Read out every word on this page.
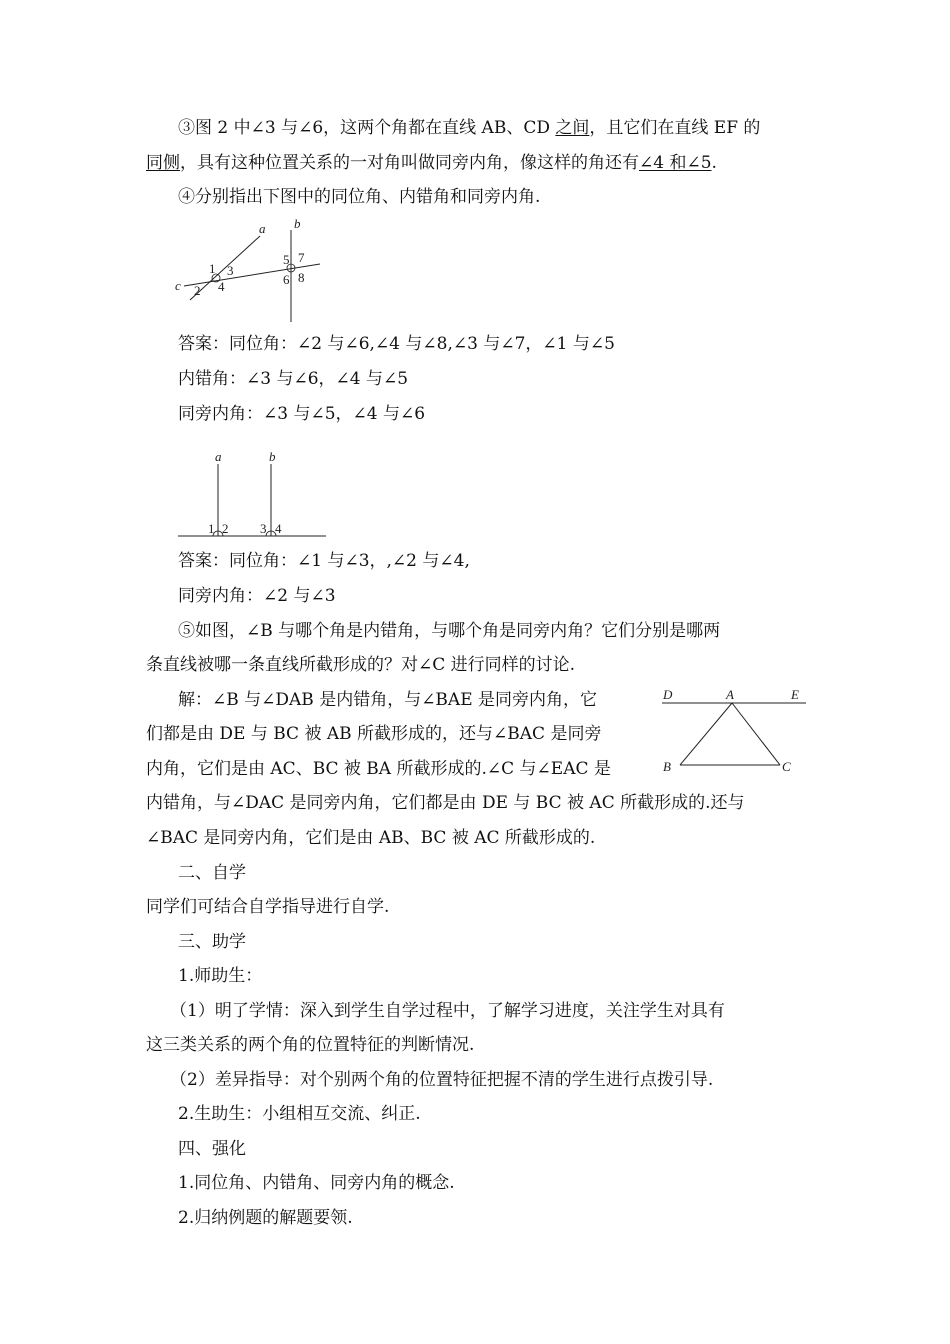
③图 2 中∠3 与∠6，这两个角都在直线 AB、CD 之间，且它们在直线 EF 的
同侧，具有这种位置关系的一对角叫做同旁内角，像这样的角还有∠4 和∠5.
④分别指出下图中的同位角、内错角和同旁内角.
a b
c
1
2
3
4
5
6
7
8
答案：同位角：∠2 与∠6,∠4 与∠8,∠3 与∠7，∠1 与∠5
内错角：∠3 与∠6，∠4 与∠5
同旁内角：∠3 与∠5，∠4 与∠6
a	b
1 2 3 4
答案：同位角：∠1 与∠3，,∠2 与∠4,
同旁内角：∠2 与∠3
⑤如图，∠B 与哪个角是内错角，与哪个角是同旁内角？它们分别是哪两
条直线被哪一条直线所截形成的？对∠C 进行同样的讨论.
解：∠B 与∠DAB 是内错角，与∠BAE 是同旁内角，它
们都是由 DE 与 BC 被 AB 所截形成的，还与∠BAC 是同旁
内角，它们是由 AC、BC 被 BA 所截形成的.∠C 与∠EAC 是
内错角，与∠DAC 是同旁内角，它们都是由 DE 与 BC 被 AC 所截形成的.还与
∠BAC 是同旁内角，它们是由 AB、BC 被 AC 所截形成的.
D	A	E
B	C
二、自学
同学们可结合自学指导进行自学.
三、助学
1.师助生：
（1）明了学情：深入到学生自学过程中，了解学习进度，关注学生对具有
这三类关系的两个角的位置特征的判断情况.
（2）差异指导：对个别两个角的位置特征把握不清的学生进行点拨引导.
2.生助生：小组相互交流、纠正.
四、强化
1.同位角、内错角、同旁内角的概念.
2.归纳例题的解题要领.
